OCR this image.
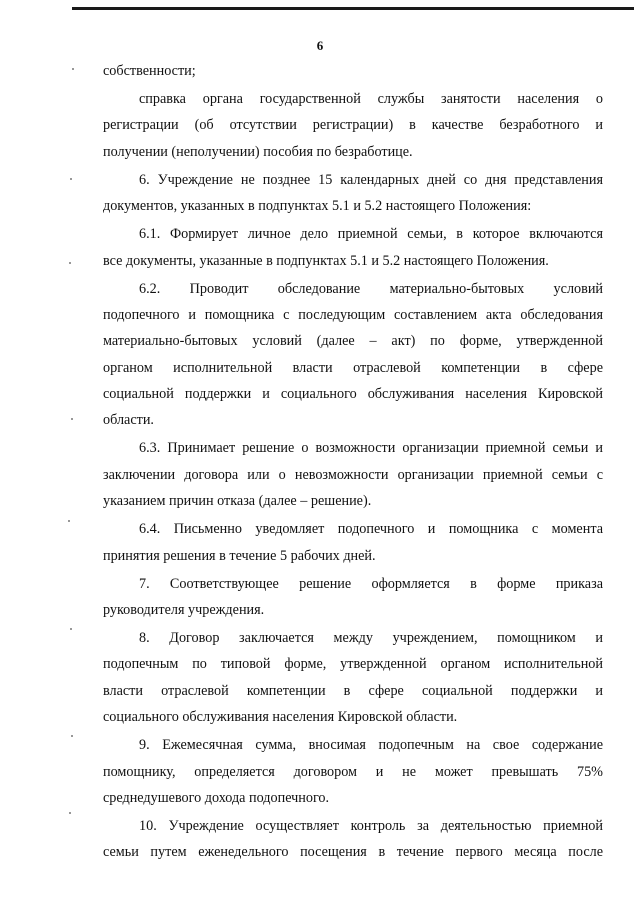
6
собственности;
справка органа государственной службы занятости населения о
регистрации (об отсутствии регистрации) в качестве безработного и
получении (неполучении) пособия по безработице.
6. Учреждение не позднее 15 календарных дней со дня представления
документов, указанных в подпунктах 5.1 и 5.2 настоящего Положения:
6.1. Формирует личное дело приемной семьи, в которое включаются
все документы, указанные в подпунктах 5.1 и 5.2 настоящего Положения.
6.2. Проводит обследование материально-бытовых условий
подопечного и помощника с последующим составлением акта обследования
материально-бытовых условий (далее – акт) по форме, утвержденной
органом исполнительной власти отраслевой компетенции в сфере
социальной поддержки и социального обслуживания населения Кировской
области.
6.3. Принимает решение о возможности организации приемной семьи и
заключении договора или о невозможности организации приемной семьи с
указанием причин отказа (далее – решение).
6.4. Письменно уведомляет подопечного и помощника с момента
принятия решения в течение 5 рабочих дней.
7. Соответствующее решение оформляется в форме приказа
руководителя учреждения.
8. Договор заключается между учреждением, помощником и
подопечным по типовой форме, утвержденной органом исполнительной
власти отраслевой компетенции в сфере социальной поддержки и
социального обслуживания населения Кировской области.
9. Ежемесячная сумма, вносимая подопечным на свое содержание
помощнику, определяется договором и не может превышать 75%
среднедушевого дохода подопечного.
10. Учреждение осуществляет контроль за деятельностью приемной
семьи путем еженедельного посещения в течение первого месяца после
